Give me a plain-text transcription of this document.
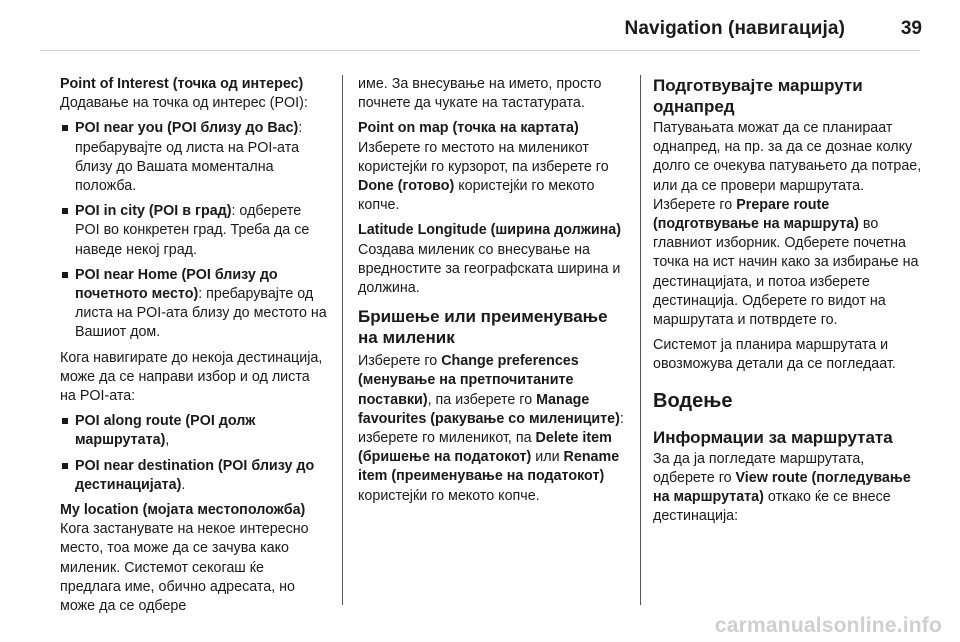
Navigation (навигација)	39
Point of Interest (точка од интерес)

Додавање на точка од интерес (POI):

POI near you (POI близу до Вас): пребарувајте од листа на POI-ата близу до Вашата моментална положба.
POI in city (POI в град): одберете POI во конкретен град. Треба да се наведе некој град.
POI near Home (POI близу до почетното место): пребарувајте од листа на POI-ата близу до местото на Вашиот дом.

Кога навигирате до некоја дестинација, може да се направи избор и од листа на POI-ата:

POI along route (POI долж маршрутата),
POI near destination (POI близу до дестинацијата).
My location (мојата местоположба)

Кога застанувате на некое интересно место, тоа може да се зачува како миленик. Системот секогаш ќе предлага име, обично адресата, но може да се одбере

име. За внесување на името, просто почнете да чукате на тастатурата.

Point on map (точка на картата)

Изберете го местото на миленикот користејќи го курзорот, па изберете го Done (готово) користејќи го мекото копче.

Latitude Longitude (ширина должина)

Создава миленик со внесување на вредностите за географската ширина и должина.

Бришење или преименување на миленик

Изберете го Change preferences (менување на претпочитаните поставки), па изберете го Manage favourites (ракување со милениците): изберете го миленикот, па Delete item (бришење на податокот) или Rename item (преименување на податокот) користејќи го мекото копче.

Подготвувајте маршрути однапред

Патувањата можат да се планираат однапред, на пр. за да се дознае колку долго се очекува патувањето да потрае, или да се провери маршрутата. Изберете го Prepare route (подготвување на маршрута) во главниот изборник. Одберете почетна точка на ист начин како за избирање на дестинацијата, и потоа изберете дестинација. Одберете го видот на маршрутата и потврдете го.

Системот ја планира маршрутата и овозможува детали да се погледаат.

Водење
Информации за маршрутата

За да ја погледате маршрутата, одберете го View route (погледување на маршрутата) откако ќе се внесе дестинација:

carmanualsonline.info
